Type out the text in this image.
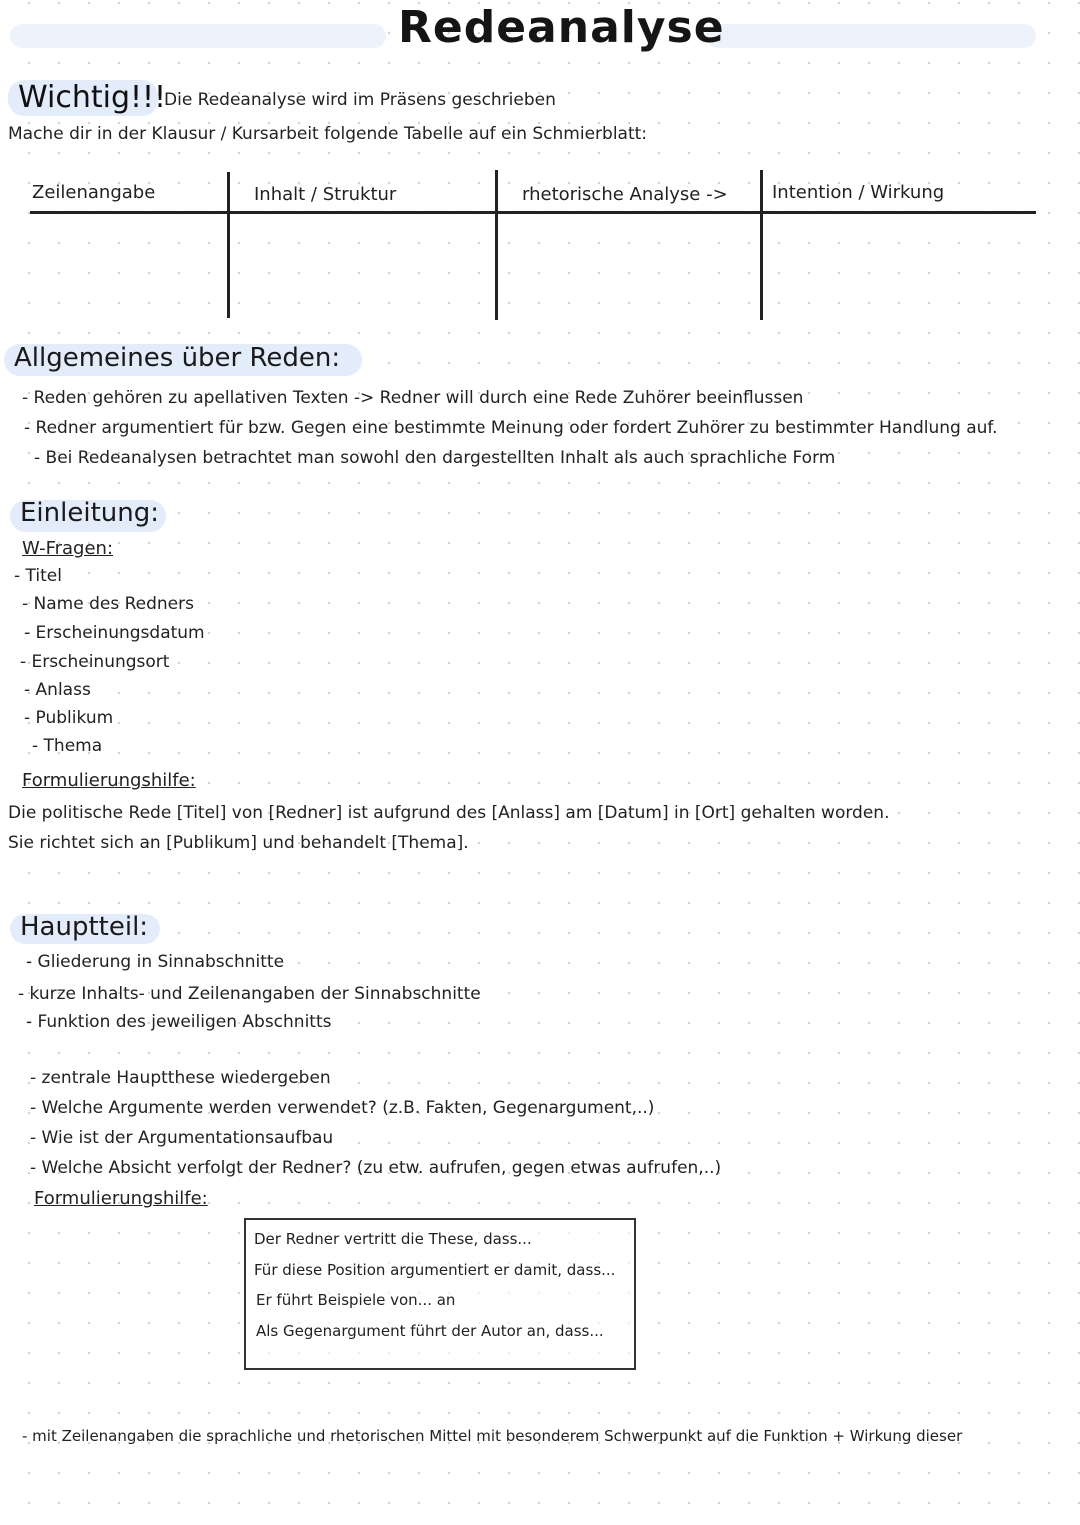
Redeanalyse
Wichtig!!!
Die Redeanalyse wird im Präsens geschrieben
Mache dir in der Klausur / Kursarbeit folgende Tabelle auf ein Schmierblatt:
Zeilenangabe	Inhalt / Struktur	rhetorische Analyse -> Intention / Wirkung
Allgemeines über Reden:
- Reden gehören zu apellativen Texten -> Redner will durch eine Rede Zuhörer beeinflussen
- Redner argumentiert für bzw. Gegen eine bestimmte Meinung oder fordert Zuhörer zu bestimmter Handlung auf.
- Bei Redeanalysen betrachtet man sowohl den dargestellten Inhalt als auch sprachliche Form
Einleitung:
W-Fragen:
- Titel
- Name des Redners
- Erscheinungsdatum
- Erscheinungsort
- Anlass
- Publikum
- Thema
Formulierungshilfe:
Die politische Rede [Titel] von [Redner] ist aufgrund des [Anlass] am [Datum] in [Ort] gehalten worden.
Sie richtet sich an [Publikum] und behandelt [Thema].
Hauptteil:
- Gliederung in Sinnabschnitte
- kurze Inhalts- und Zeilenangaben der Sinnabschnitte
- Funktion des jeweiligen Abschnitts
- zentrale Hauptthese wiedergeben
- Welche Argumente werden verwendet? (z.B. Fakten, Gegenargument,..)
- Wie ist der Argumentationsaufbau
- Welche Absicht verfolgt der Redner? (zu etw. aufrufen, gegen etwas aufrufen,..)
Formulierungshilfe:
Der Redner vertritt die These, dass...
Für diese Position argumentiert er damit, dass...
Er führt Beispiele von... an
Als Gegenargument führt der Autor an, dass...
- mit Zeilenangaben die sprachliche und rhetorischen Mittel mit besonderem Schwerpunkt auf die Funktion + Wirkung dieser
